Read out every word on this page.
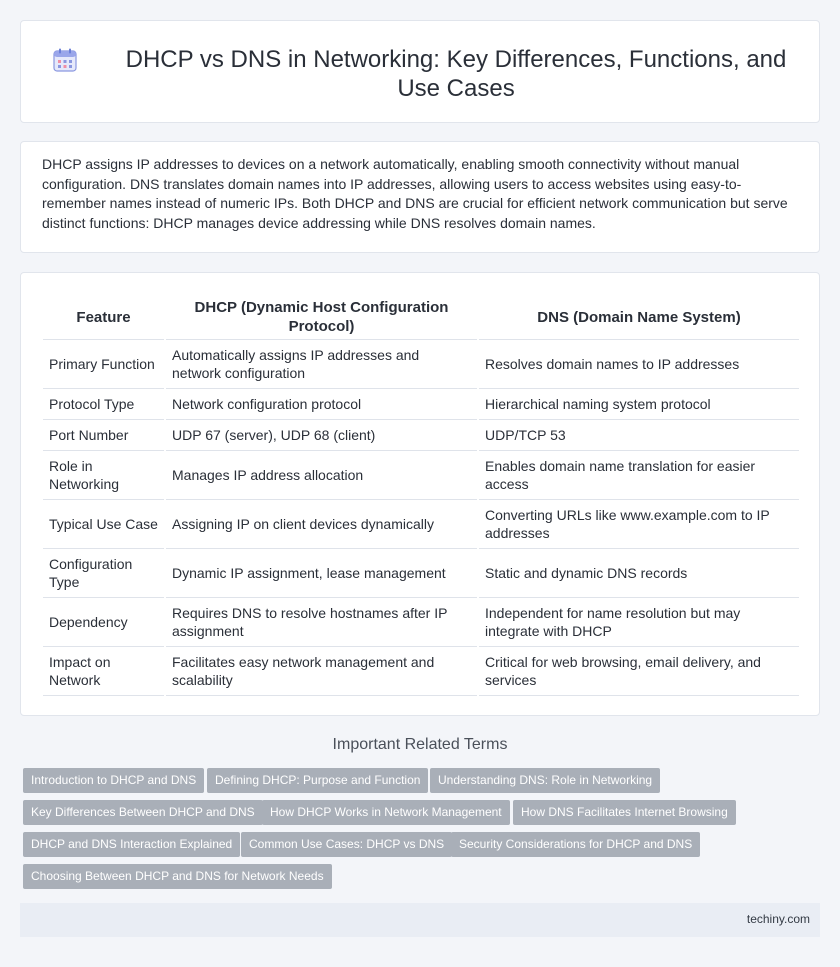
DHCP vs DNS in Networking: Key Differences, Functions, and Use Cases

DHCP assigns IP addresses to devices on a network automatically, enabling smooth connectivity without manual configuration. DNS translates domain names into IP addresses, allowing users to access websites using easy-to-remember names instead of numeric IPs. Both DHCP and DNS are crucial for efficient network communication but serve distinct functions: DHCP manages device addressing while DNS resolves domain names.

Feature	DHCP (Dynamic Host Configuration Protocol)	DNS (Domain Name System)
Primary Function	Automatically assigns IP addresses and network configuration	Resolves domain names to IP addresses
Protocol Type	Network configuration protocol	Hierarchical naming system protocol
Port Number	UDP 67 (server), UDP 68 (client)	UDP/TCP 53
Role in Networking	Manages IP address allocation	Enables domain name translation for easier access
Typical Use Case	Assigning IP on client devices dynamically	Converting URLs like www.example.com to IP addresses
Configuration Type	Dynamic IP assignment, lease management	Static and dynamic DNS records
Dependency	Requires DNS to resolve hostnames after IP assignment	Independent for name resolution but may integrate with DHCP
Impact on Network	Facilitates easy network management and scalability	Critical for web browsing, email delivery, and services
Important Related Terms
Introduction to DHCP and DNS	Defining DHCP: Purpose and Function	Understanding DNS: Role in Networking
Key Differences Between DHCP and DNS	How DHCP Works in Network Management	How DNS Facilitates Internet Browsing
DHCP and DNS Interaction Explained	Common Use Cases: DHCP vs DNS	Security Considerations for DHCP and DNS
Choosing Between DHCP and DNS for Network Needs
techiny.com
